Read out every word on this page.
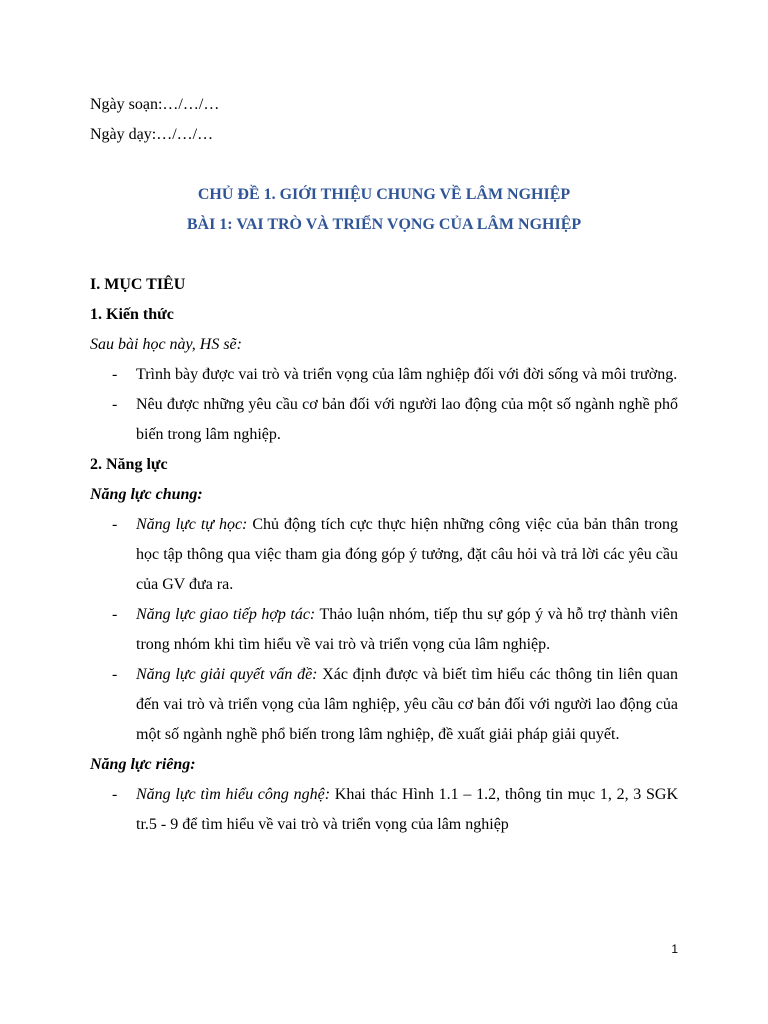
Ngày soạn:…/…/…

Ngày dạy:…/…/…

CHỦ ĐỀ 1. GIỚI THIỆU CHUNG VỀ LÂM NGHIỆP

BÀI 1: VAI TRÒ VÀ TRIỂN VỌNG CỦA LÂM NGHIỆP

I. MỤC TIÊU

1. Kiến thức

Sau bài học này, HS sẽ:

- Trình bày được vai trò và triển vọng của lâm nghiệp đối với đời sống và môi trường.

- Nêu được những yêu cầu cơ bản đối với người lao động của một số ngành nghề phổ biến trong lâm nghiệp.

2. Năng lực

Năng lực chung:

- Năng lực tự học: Chủ động tích cực thực hiện những công việc của bản thân trong học tập thông qua việc tham gia đóng góp ý tưởng, đặt câu hỏi và trả lời các yêu cầu của GV đưa ra.

- Năng lực giao tiếp hợp tác: Thảo luận nhóm, tiếp thu sự góp ý và hỗ trợ thành viên trong nhóm khi tìm hiểu về vai trò và triển vọng của lâm nghiệp.

- Năng lực giải quyết vấn đề: Xác định được và biết tìm hiểu các thông tin liên quan đến vai trò và triển vọng của lâm nghiệp, yêu cầu cơ bản đối với người lao động của một số ngành nghề phổ biến trong lâm nghiệp, đề xuất giải pháp giải quyết.

Năng lực riêng:

- Năng lực tìm hiểu công nghệ: Khai thác Hình 1.1 – 1.2, thông tin mục 1, 2, 3 SGK tr.5 - 9 để tìm hiểu về vai trò và triển vọng của lâm nghiệp

1
